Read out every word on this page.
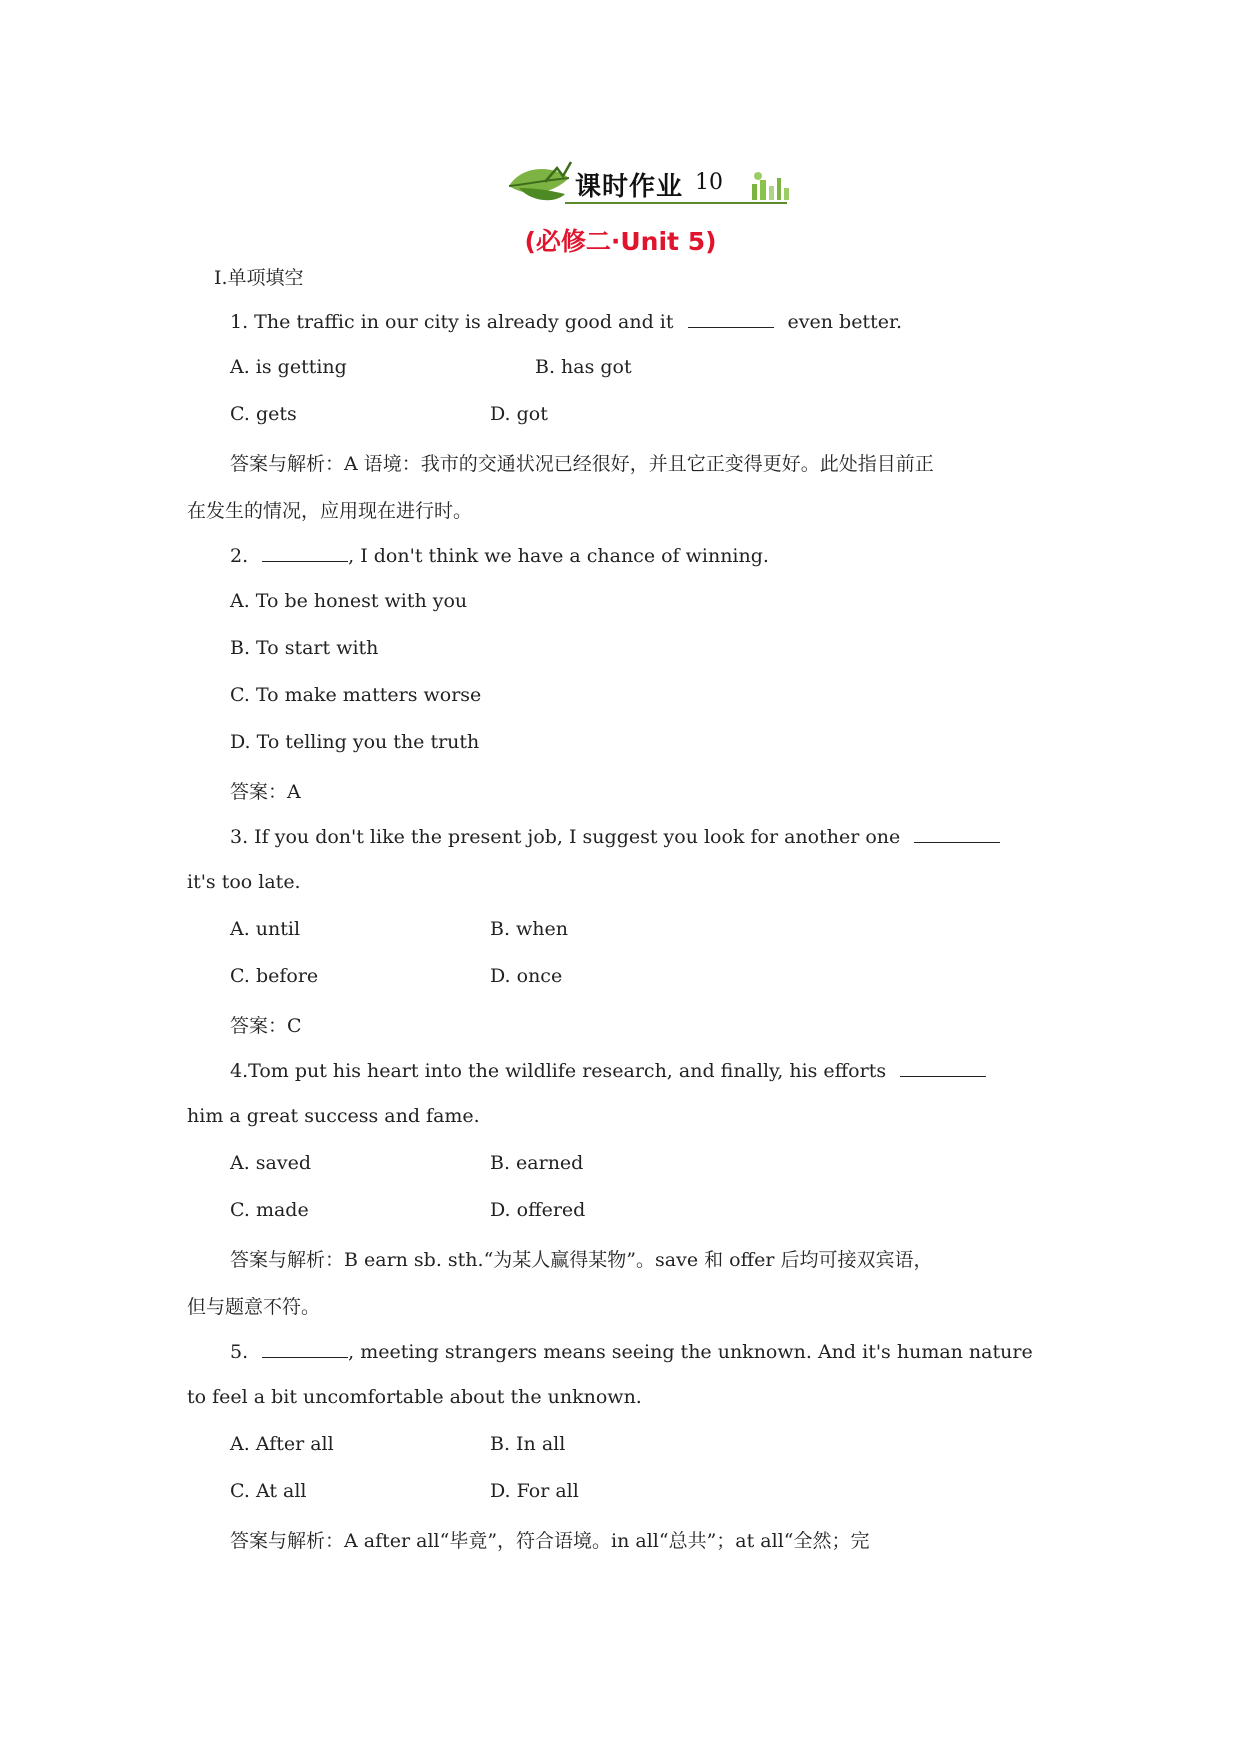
课时作业 10
(必修二·Unit 5)
Ⅰ.单项填空
1. The traffic in our city is already good and it	even better.
A. is getting	B. has got
C. gets	D. got
答案与解析：A 语境：我市的交通状况已经很好，并且它正变得更好。此处指目前正
在发生的情况，应用现在进行时。
2.	, I don't think we have a chance of winning.
A. To be honest with you
B. To start with
C. To make matters worse
D. To telling you the truth
答案：A
3. If you don't like the present job, I suggest you look for another one
it's too late.
A. until	B. when
C. before	D. once
答案：C
4.Tom put his heart into the wildlife research, and finally, his efforts
him a great success and fame.
A. saved	B. earned
C. made	D. offered
答案与解析：B earn sb. sth.“为某人赢得某物”。save 和 offer 后均可接双宾语，
但与题意不符。
5.	, meeting strangers means seeing the unknown. And it's human nature
to feel a bit uncomfortable about the unknown.
A. After all	B. In all
C. At all	D. For all
答案与解析：A after all“毕竟”，符合语境。in all“总共”；at all“全然；完
